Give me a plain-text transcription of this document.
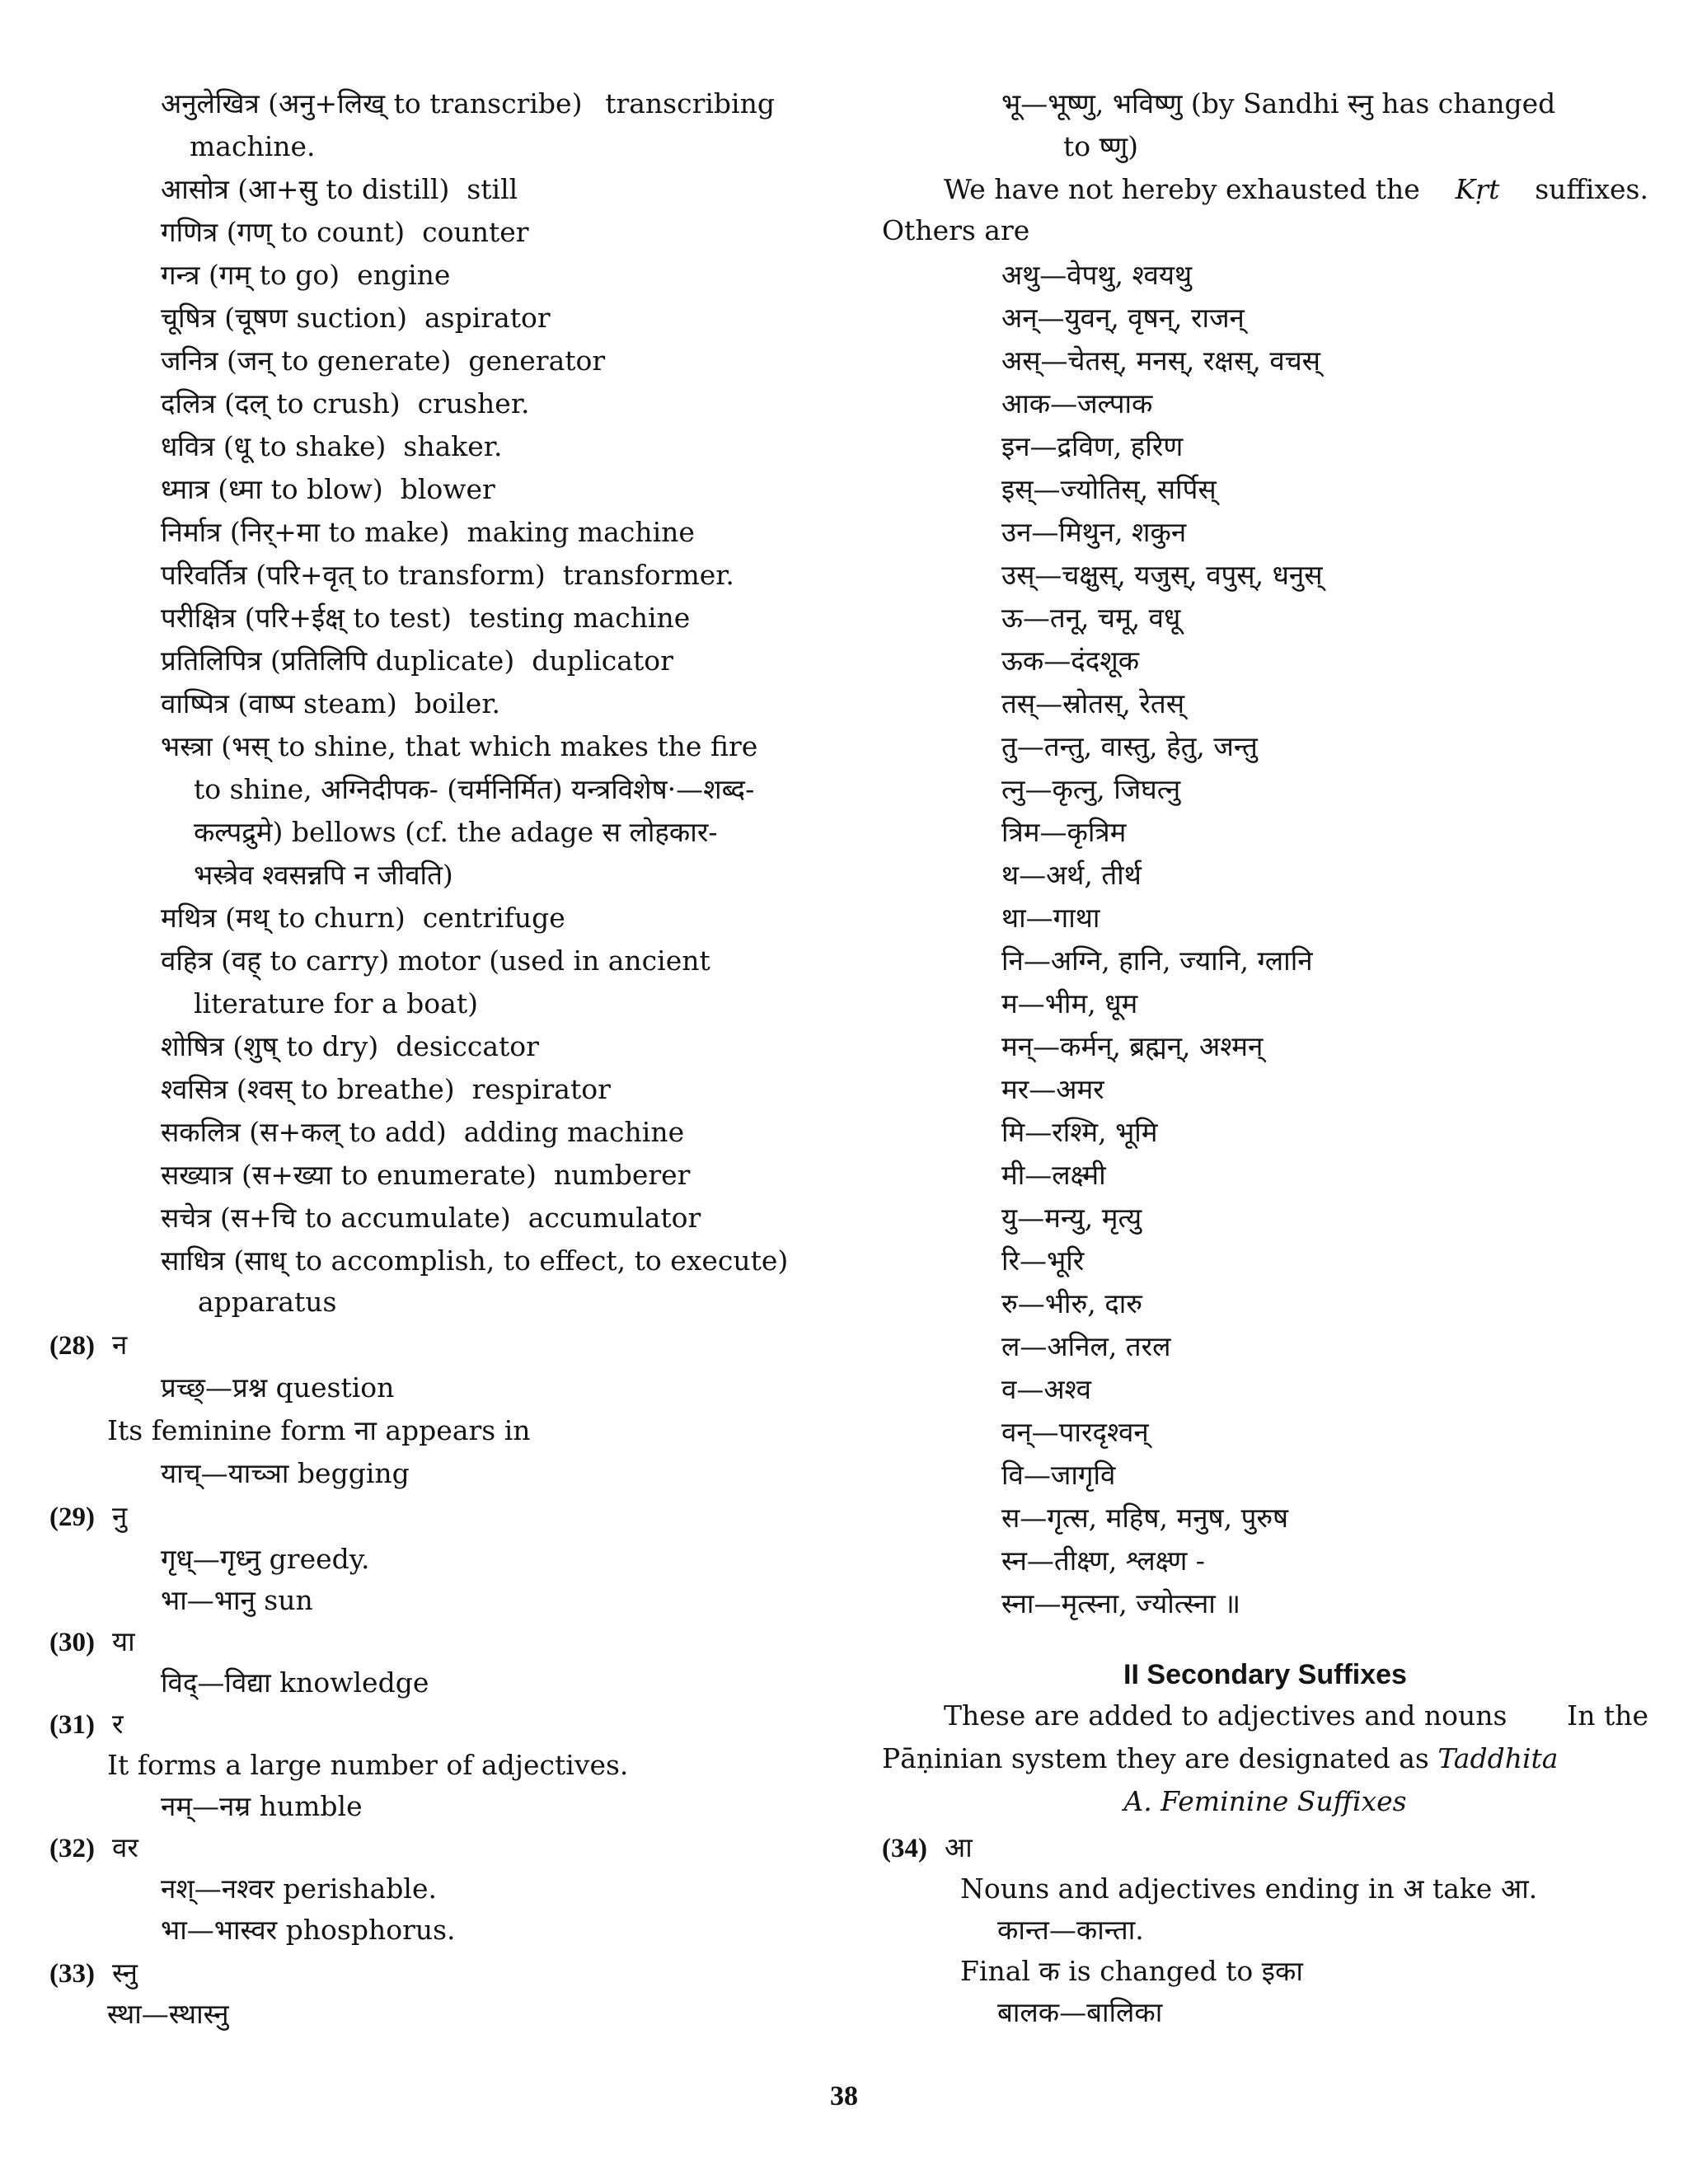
अनुलेखित्र (अनु+लिख् to transcribe) transcribing
machine.
आसोत्र (आ+सु to distill) still
गणित्र (गण् to count) counter
गन्त्र (गम् to go) engine
चूषित्र (चूषण suction) aspirator
जनित्र (जन् to generate) generator
दलित्र (दल् to crush) crusher.
धवित्र (धू to shake) shaker.
ध्मात्र (ध्मा to blow) blower
निर्मात्र (निर्+मा to make) making machine
परिवर्तित्र (परि+वृत् to transform) transformer.
परीक्षित्र (परि+ईक्ष् to test) testing machine
प्रतिलिपित्र (प्रतिलिपि duplicate) duplicator
वाष्पित्र (वाष्प steam) boiler.
भस्त्रा (भस् to shine, that which makes the fire
to shine, अग्निदीपक- (चर्मनिर्मित) यन्त्रविशेष·—शब्द-
कल्पद्रुमे) bellows (cf. the adage स लोहकार-
भस्त्रेव श्वसन्नपि न जीवति)
मथित्र (मथ् to churn) centrifuge
वहित्र (वह् to carry) motor (used in ancient
literature for a boat)
शोषित्र (शुष् to dry) desiccator
श्वसित्र (श्वस् to breathe) respirator
सकलित्र (स+कल् to add) adding machine
सख्यात्र (स+ख्या to enumerate) numberer
सचेत्र (स+चि to accumulate) accumulator
साधित्र (साध् to accomplish, to effect, to execute)
apparatus
(28) न
प्रच्छ्—प्रश्न question
Its feminine form ना appears in
याच्—याच्ञा begging
(29) नु
गृध्—गृध्नु greedy.
भा—भानु sun
(30) या
विद्—विद्या knowledge
(31) र
It forms a large number of adjectives.
नम्—नम्र humble
(32) वर
नश्—नश्वर perishable.
भा—भास्वर phosphorus.
(33) स्नु
स्था—स्थास्नु
भू—भूष्णु, भविष्णु (by Sandhi स्नु has changed
to ष्णु)
We have not hereby exhausted the Kṛt suffixes.
Others are
अथु—वेपथु, श्वयथु
अन्—युवन्, वृषन्, राजन्
अस्—चेतस्, मनस्, रक्षस्, वचस्
आक—जल्पाक
इन—द्रविण, हरिण
इस्—ज्योतिस्, सर्पिस्
उन—मिथुन, शकुन
उस्—चक्षुस्, यजुस्, वपुस्, धनुस्
ऊ—तनू, चमू, वधू
ऊक—दंदशूक
तस्—स्रोतस्, रेतस्
तु—तन्तु, वास्तु, हेतु, जन्तु
त्नु—कृत्नु, जिघत्नु
त्रिम—कृत्रिम
थ—अर्थ, तीर्थ
था—गाथा
नि—अग्नि, हानि, ज्यानि, ग्लानि
म—भीम, धूम
मन्—कर्मन्, ब्रह्मन्, अश्मन्
मर—अमर
मि—रश्मि, भूमि
मी—लक्ष्मी
यु—मन्यु, मृत्यु
रि—भूरि
रु—भीरु, दारु
ल—अनिल, तरल
व—अश्व
वन्—पारदृश्वन्
वि—जागृवि
स—गृत्स, महिष, मनुष, पुरुष
स्न—तीक्ष्ण, श्लक्ष्ण -
स्ना—मृत्स्ना, ज्योत्स्ना ॥
II Secondary Suffixes
These are added to adjectives and nouns In the
Pāṇinian system they are designated as Taddhita
A. Feminine Suffixes
(34) आ
Nouns and adjectives ending in अ take आ.
कान्त—कान्ता.
Final क is changed to इका
बालक—बालिका
38
